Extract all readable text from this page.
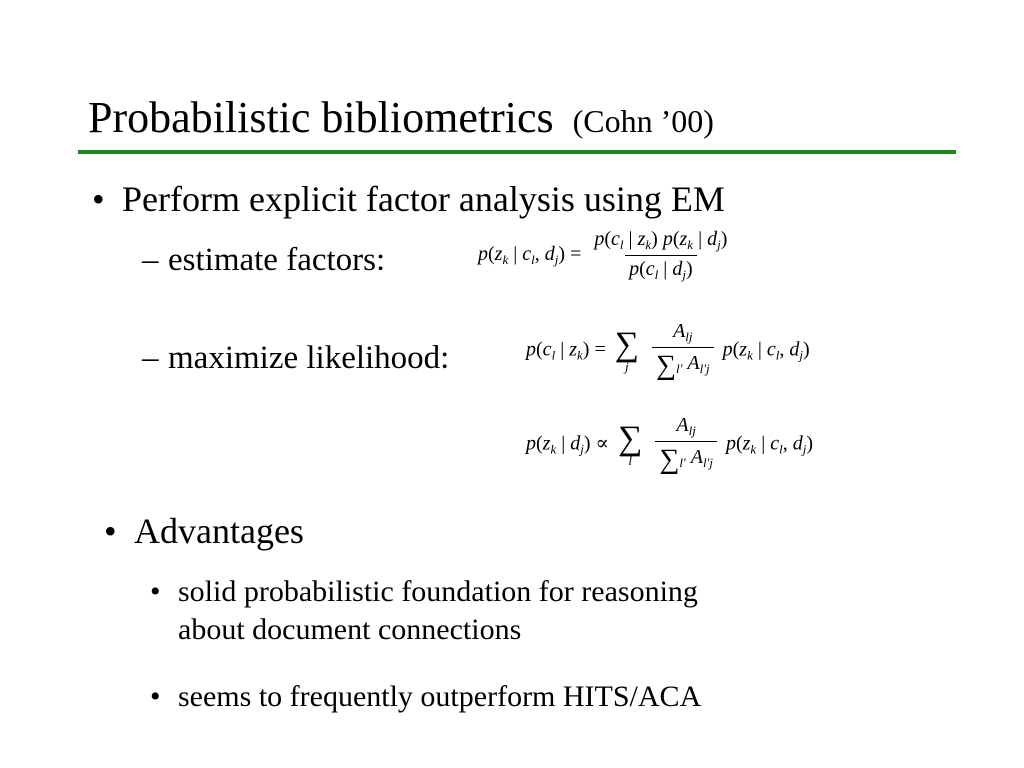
Probabilistic bibliometrics (Cohn ’00)
• Perform explicit factor analysis using EM
– estimate factors:	$p(z_k$ | $c_l$, $d_j) = \frac{p(c_l | z_k) p(z_k | d_j)}{p(c_l | d_j)}$
– maximize likelihood:	$p(c_l$ | $z_k$) = ∑
j
$\frac{A_{lj}}{\sum_{l'} A_{l'j}} p(z_k$ | $c_l$, $d_j$)
$p(z_k$ | $d_j$) ∝ ∑
l
$\frac{A_{lj}}{\sum_{l'} A_{l'j}} p(z_k$ | $c_l$, $d_j$)
• Advantages
• solid probabilistic foundation for reasoning
about document connections
• seems to frequently outperform HITS/ACA
